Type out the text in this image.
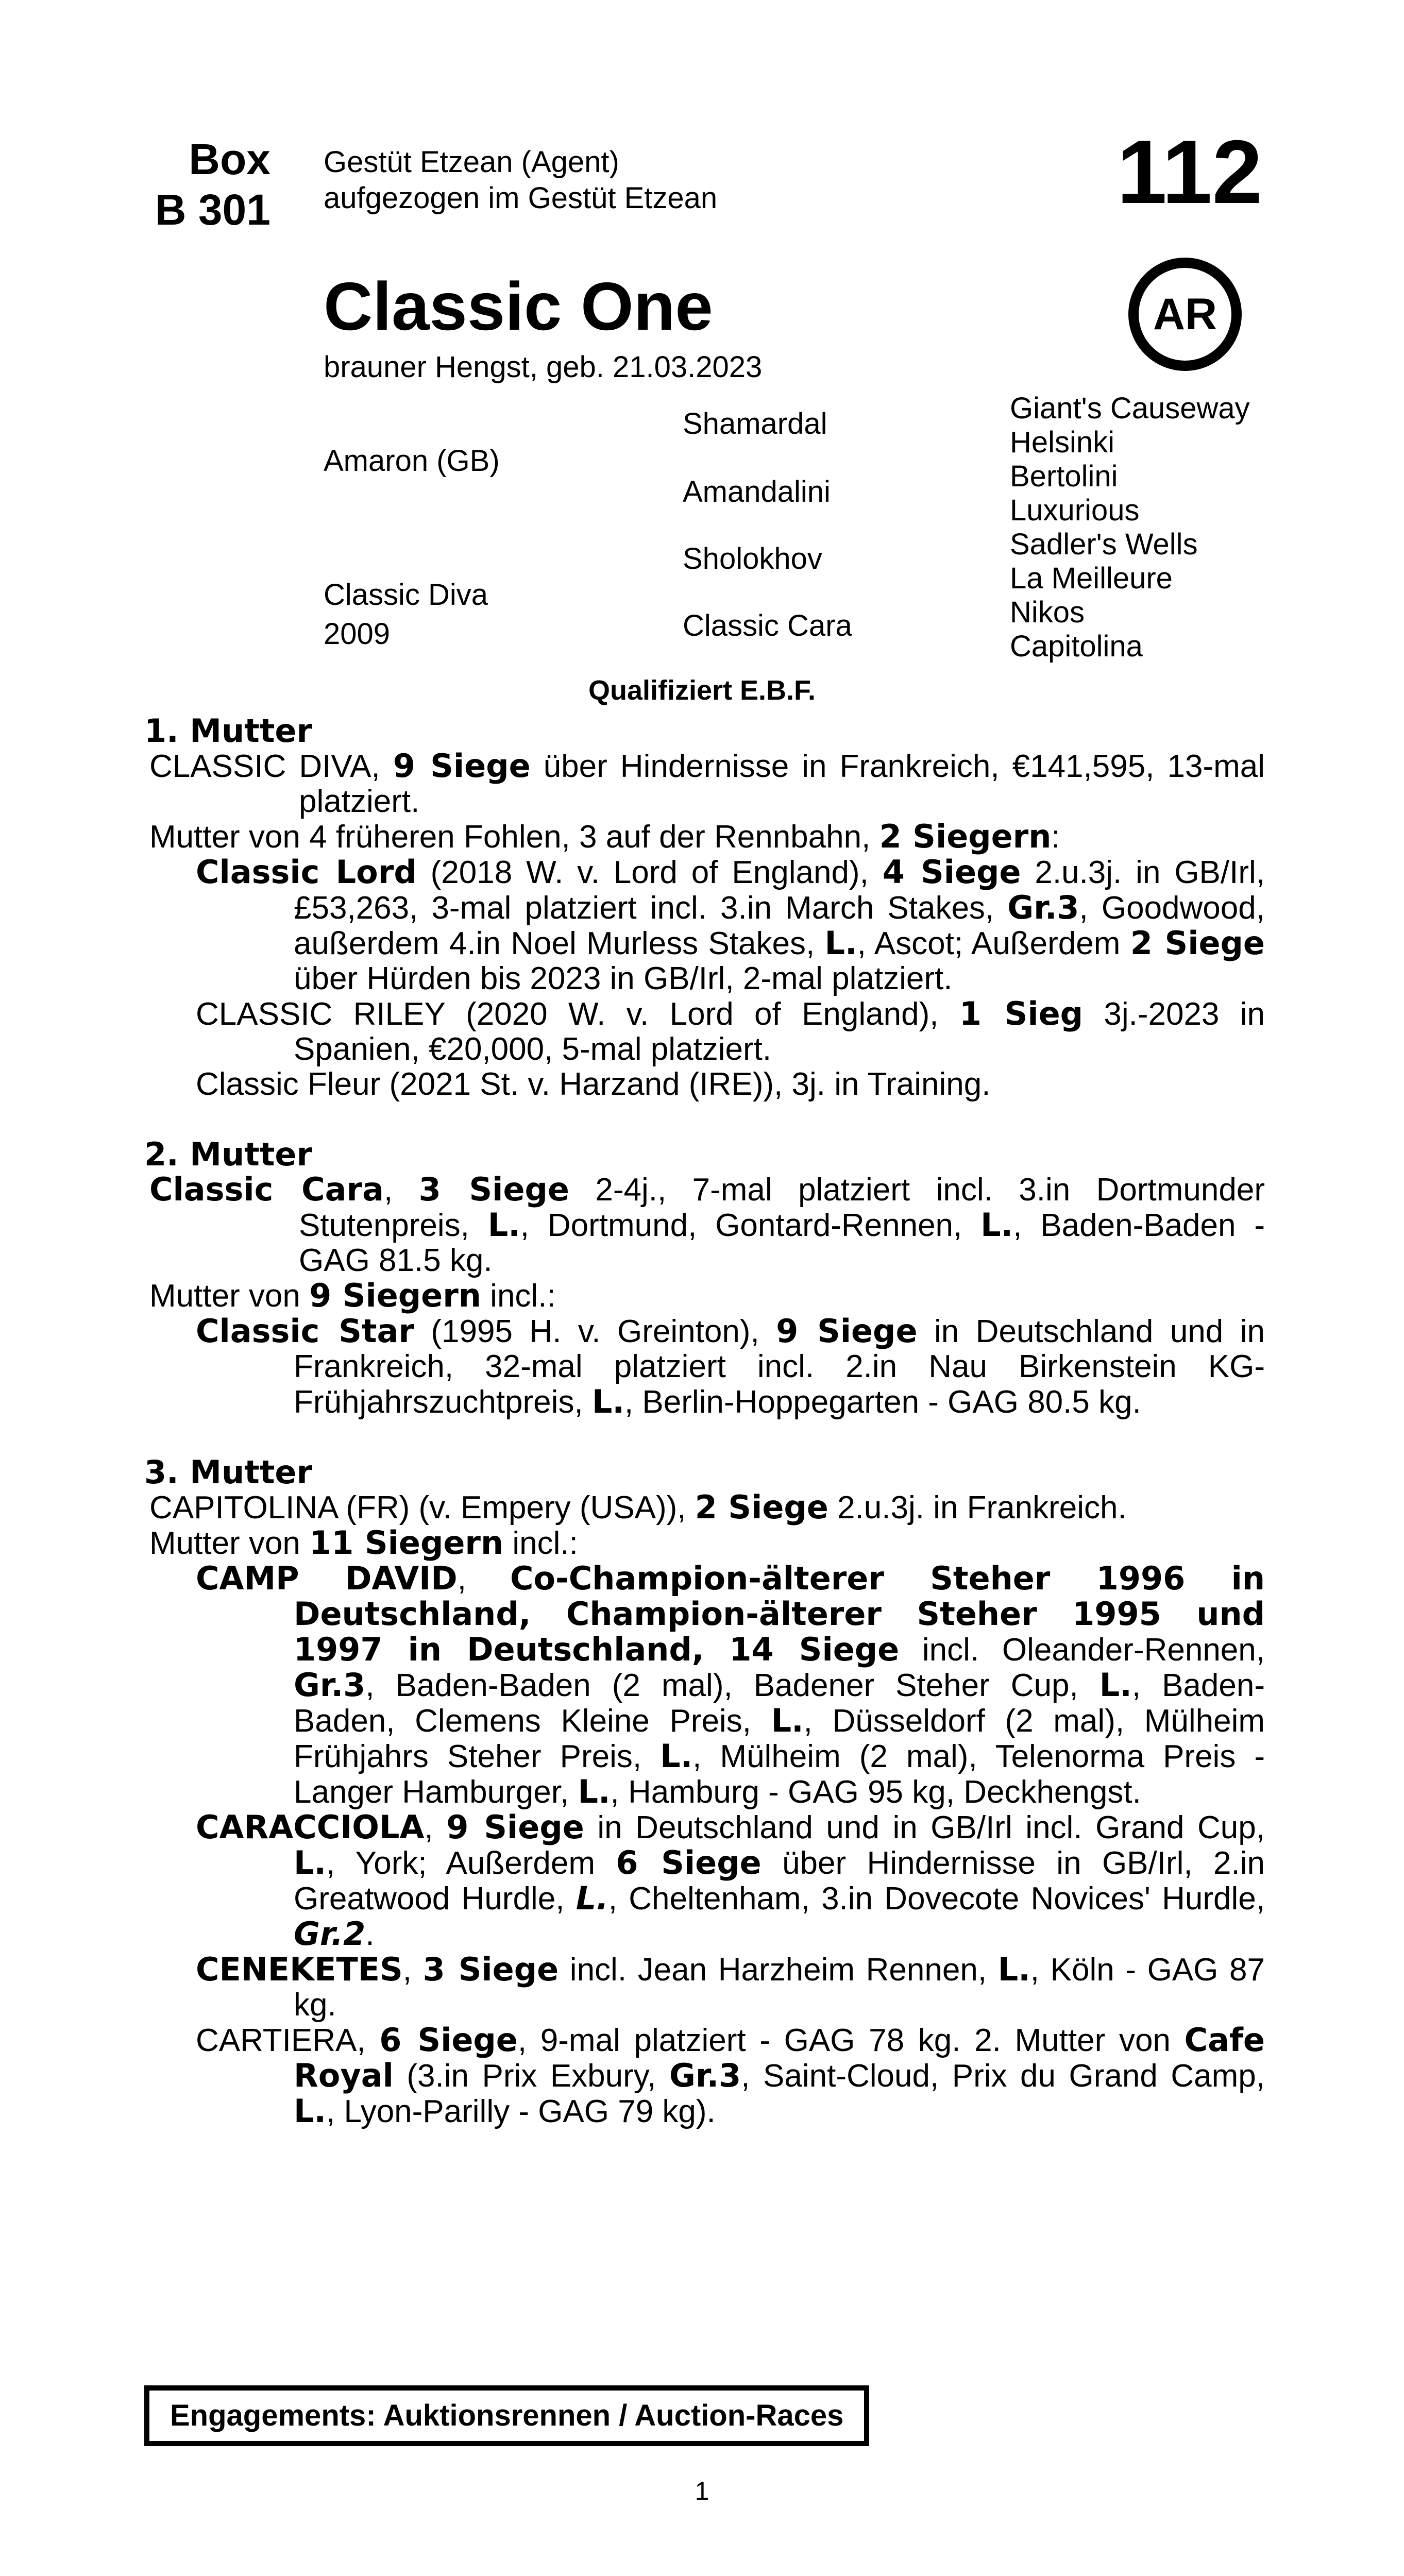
Box
B 301
Gestüt Etzean (Agent)
aufgezogen im Gestüt Etzean	112
Classic One
brauner Hengst, geb. 21.03.2023
AR
Amaron (GB)
Classic Diva
2009
Shamardal
Amandalini
Sholokhov
Classic Cara
Giant's Causeway
Helsinki
Bertolini
Luxurious
Sadler's Wells
La Meilleure
Nikos
Capitolina
Qualifiziert E.B.F.
1. Mutter

CLASSIC DIVA, 9 Siege über Hindernisse in Frankreich, €141,595, 13-mal platziert.

Mutter von 4 früheren Fohlen, 3 auf der Rennbahn, 2 Siegern:

Classic Lord (2018 W. v. Lord of England), 4 Siege 2.u.3j. in GB/Irl, £53,263, 3-mal platziert incl. 3.in March Stakes, Gr.3, Goodwood, außerdem 4.in Noel Murless Stakes, L., Ascot; Außerdem 2 Siege über Hürden bis 2023 in GB/Irl, 2-mal platziert.

CLASSIC RILEY (2020 W. v. Lord of England), 1 Sieg 3j.-2023 in Spanien, €20,000, 5-mal platziert.

Classic Fleur (2021 St. v. Harzand (IRE)), 3j. in Training.

2. Mutter

Classic Cara, 3 Siege 2-4j., 7-mal platziert incl. 3.in Dortmunder Stutenpreis, L., Dortmund, Gontard-Rennen, L., Baden-Baden - GAG 81.5 kg.

Mutter von 9 Siegern incl.:

Classic Star (1995 H. v. Greinton), 9 Siege in Deutschland und in Frankreich, 32-mal platziert incl. 2.in Nau Birkenstein KG-Frühjahrszuchtpreis, L., Berlin-Hoppegarten - GAG 80.5 kg.

3. Mutter

CAPITOLINA (FR) (v. Empery (USA)), 2 Siege 2.u.3j. in Frankreich.

Mutter von 11 Siegern incl.:

CAMP DAVID, Co-Champion-älterer Steher 1996 in Deutschland, Champion-älterer Steher 1995 und 1997 in Deutschland, 14 Siege incl. Oleander-Rennen, Gr.3, Baden-Baden (2 mal), Badener Steher Cup, L., Baden-Baden, Clemens Kleine Preis, L., Düsseldorf (2 mal), Mülheim Frühjahrs Steher Preis, L., Mülheim (2 mal), Telenorma Preis - Langer Hamburger, L., Hamburg - GAG 95 kg, Deckhengst.

CARACCIOLA, 9 Siege in Deutschland und in GB/Irl incl. Grand Cup, L., York; Außerdem 6 Siege über Hindernisse in GB/Irl, 2.in Greatwood Hurdle, L., Cheltenham, 3.in Dovecote Novices' Hurdle, Gr.2.

CENEKETES, 3 Siege incl. Jean Harzheim Rennen, L., Köln - GAG 87 kg.

CARTIERA, 6 Siege, 9-mal platziert - GAG 78 kg. 2. Mutter von Cafe Royal (3.in Prix Exbury, Gr.3, Saint-Cloud, Prix du Grand Camp, L., Lyon-Parilly - GAG 79 kg).

Engagements: Auktionsrennen / Auction-Races
1
